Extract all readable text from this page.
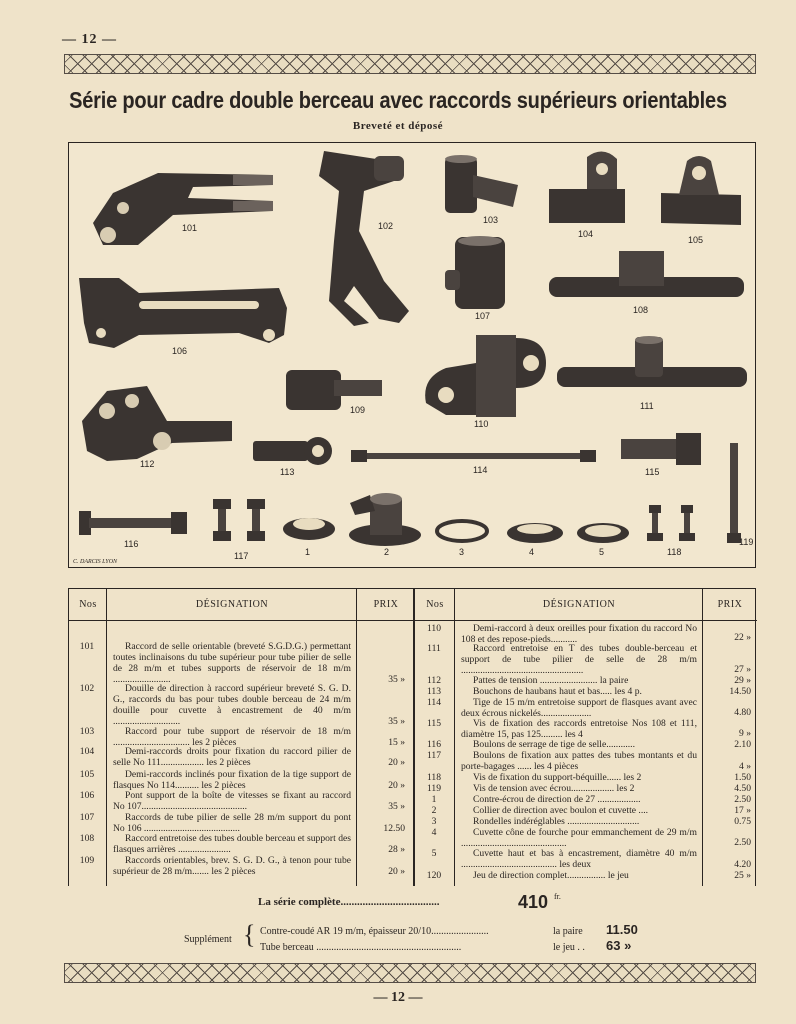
— 12 —
Série pour cadre double berceau avec raccords supérieurs orientables
Breveté et déposé
101	102
103
104
105
106
107
108
109
110
111
112
113	114	115
116
117	1	2	3	4	5	118
119
C. DARCIS LYON
Nos	DÉSIGNATION	PRIX
101	Raccord de selle orientable (breveté S.G.D.G.) permettant toutes inclinaisons du tube supérieur pour tube pilier de selle de 28 m/m et tubes supports de réservoir de 18 m/m ........................	35 »
102	Douille de direction à raccord supérieur breveté S. G. D. G., raccords du bas pour tubes double berceau de 24 m/m douille pour cuvette à encastrement de 40 m/m ............................	35 »
103	Raccord pour tube support de réservoir de 18 m/m ................................ les 2 pièces	15 »
104	Demi-raccords droits pour fixation du raccord pilier de selle No 111.................. les 2 pièces	20 »
105	Demi-raccords inclinés pour fixation de la tige support de flasques No 114.......... les 2 pièces	20 »
106	Pont support de la boîte de vitesses se fixant au raccord No 107............................................	35 »
107	Raccords de tube pilier de selle 28 m/m support du pont No 106 ........................................	12.50
108	Raccord entretoise des tubes double berceau et support des flasques arrières ......................	28 »
109	Raccords orientables, brev. S. G. D. G., à tenon pour tube supérieur de 28 m/m....... les 2 pièces	20 »
Nos	DÉSIGNATION	PRIX
110	Demi-raccord à deux oreilles pour fixation du raccord No 108 et des repose-pieds...........	22 »
111	Raccord entretoise en T des tubes double-berceau et support de tube pilier de selle de 28 m/m ...................................................	27 »
112	Pattes de tension ........................ la paire	29 »
113	Bouchons de haubans haut et bas..... les 4 p.	14.50
114	Tige de 15 m/m entretoise support de flasques avant avec deux écrous nickelés.....................	4.80
115	Vis de fixation des raccords entretoise Nos 108 et 111, diamètre 15, pas 125......... les 4	9 »
116	Boulons de serrage de tige de selle............	2.10
117	Boulons de fixation aux pattes des tubes montants et du porte-bagages ...... les 4 pièces	4 »
118	Vis de fixation du support-béquille...... les 2	1.50
119	Vis de tension avec écrou.................. les 2	4.50
1	Contre-écrou de direction de 27 ..................	2.50
2	Collier de direction avec boulon et cuvette ....	17 »
3	Rondelles indéréglables ..............................	0.75
4	Cuvette cône de fourche pour emmanchement de 29 m/m ............................................	2.50
5	Cuvette haut et bas à encastrement, diamètre 40 m/m ........................................ les deux	4.20
120	Jeu de direction complet................ le jeu	25 »
La série complète....................................	410 fr.
Supplément { Contre-coudé AR 19 m/m, épaisseur 20/10.......................	la paire 11.50
Tube berceau ..........................................................	le jeu . . 63 »
— 12 —
